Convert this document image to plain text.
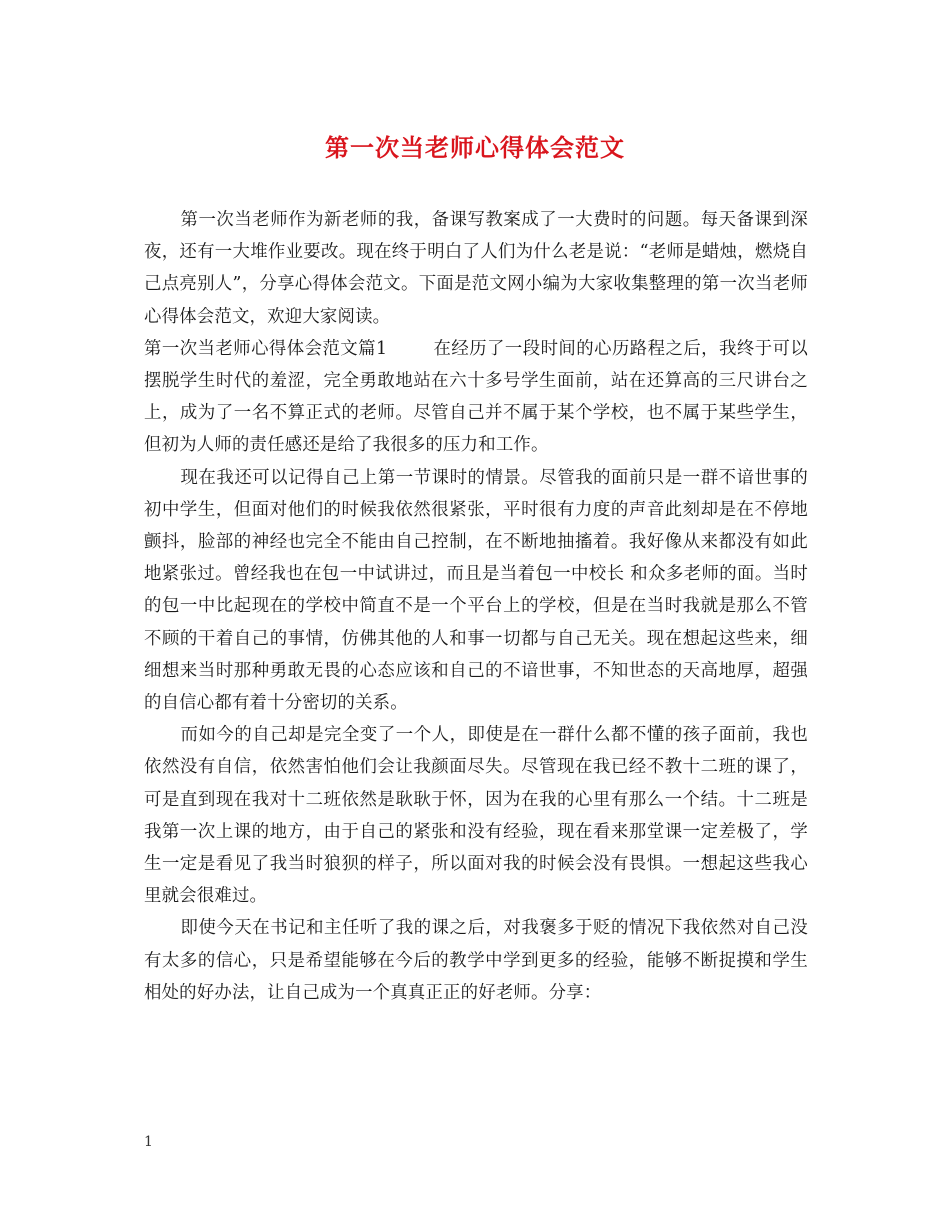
第一次当老师心得体会范文

第一次当老师作为新老师的我，备课写教案成了一大费时的问题。每天备课到深夜，还有一大堆作业要改。现在终于明白了人们为什么老是说：“老师是蜡烛，燃烧自己点亮别人”，分享心得体会范文。下面是范文网小编为大家收集整理的第一次当老师心得体会范文，欢迎大家阅读。

第一次当老师心得体会范文篇1	在经历了一段时间的心历路程之后，我终于可以摆脱学生时代的羞涩，完全勇敢地站在六十多号学生面前，站在还算高的三尺讲台之上，成为了一名不算正式的老师。尽管自己并不属于某个学校，也不属于某些学生，但初为人师的责任感还是给了我很多的压力和工作。

现在我还可以记得自己上第一节课时的情景。尽管我的面前只是一群不谙世事的初中学生，但面对他们的时候我依然很紧张，平时很有力度的声音此刻却是在不停地颤抖，脸部的神经也完全不能由自己控制，在不断地抽搐着。我好像从来都没有如此地紧张过。曾经我也在包一中试讲过，而且是当着包一中校长 和众多老师的面。当时的包一中比起现在的学校中简直不是一个平台上的学校，但是在当时我就是那么不管不顾的干着自己的事情，仿佛其他的人和事一切都与自己无关。现在想起这些来，细细想来当时那种勇敢无畏的心态应该和自己的不谙世事，不知世态的天高地厚，超强的自信心都有着十分密切的关系。

而如今的自己却是完全变了一个人，即使是在一群什么都不懂的孩子面前，我也依然没有自信，依然害怕他们会让我颜面尽失。尽管现在我已经不教十二班的课了，可是直到现在我对十二班依然是耿耿于怀，因为在我的心里有那么一个结。十二班是我第一次上课的地方，由于自己的紧张和没有经验，现在看来那堂课一定差极了，学生一定是看见了我当时狼狈的样子，所以面对我的时候会没有畏惧。一想起这些我心里就会很难过。

即使今天在书记和主任听了我的课之后，对我褒多于贬的情况下我依然对自己没有太多的信心，只是希望能够在今后的教学中学到更多的经验，能够不断捉摸和学生相处的好办法，让自己成为一个真真正正的好老师。分享：

1
